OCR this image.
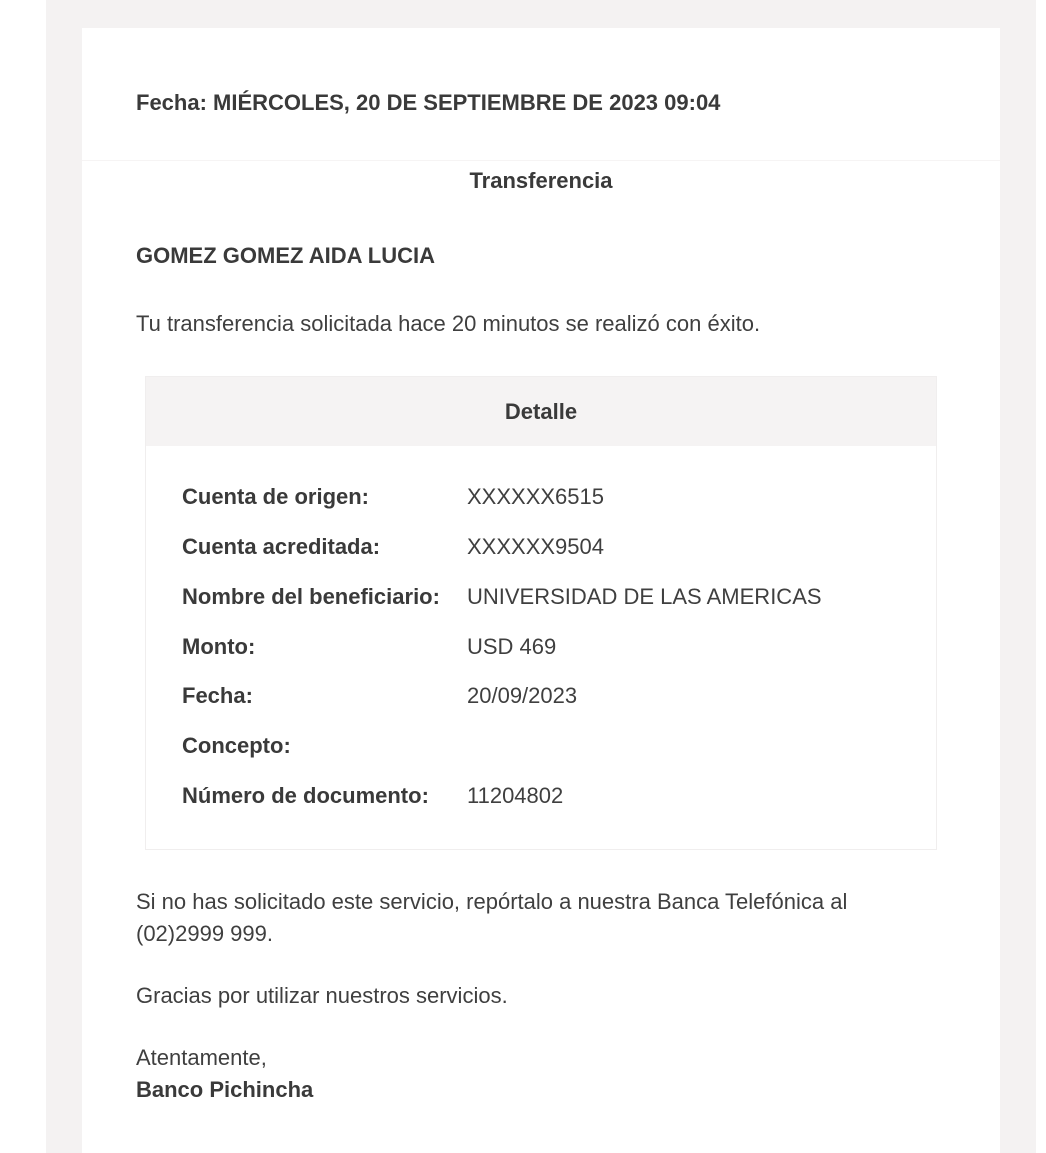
Fecha: MIÉRCOLES, 20 DE SEPTIEMBRE DE 2023 09:04
Transferencia
GOMEZ GOMEZ AIDA LUCIA
Tu transferencia solicitada hace 20 minutos se realizó con éxito.
Detalle
Cuenta de origen:	XXXXXX6515
Cuenta acreditada:	XXXXXX9504
Nombre del beneficiario: UNIVERSIDAD DE LAS AMERICAS
Monto:	USD 469
Fecha:	20/09/2023
Concepto:
Número de documento: 11204802
Si no has solicitado este servicio, repórtalo a nuestra Banca Telefónica al (02)2999 999.
Gracias por utilizar nuestros servicios.
Atentamente,
Banco Pichincha
